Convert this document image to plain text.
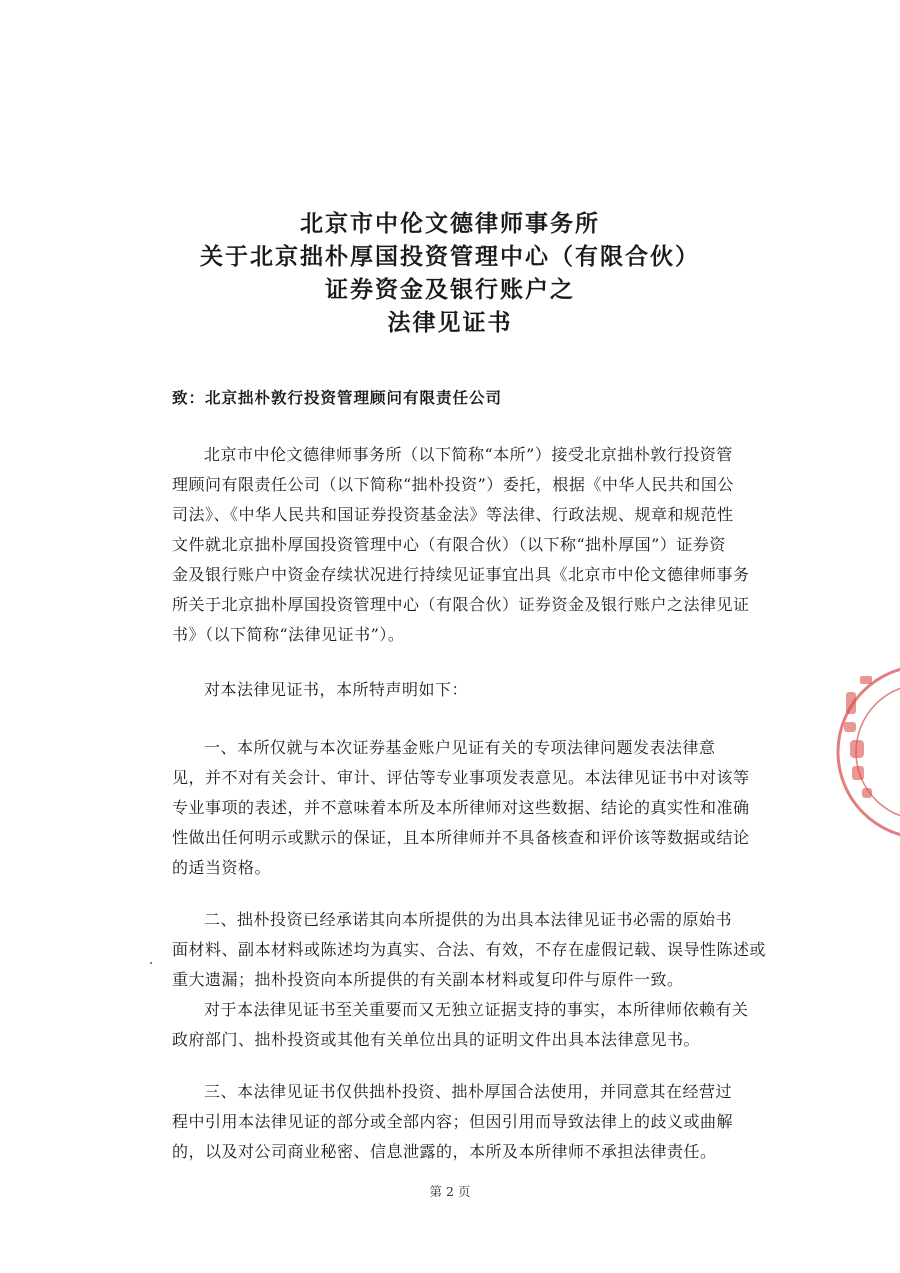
北京市中伦文德律师事务所
关于北京拙朴厚国投资管理中心（有限合伙）
证券资金及银行账户之
法律见证书
致：北京拙朴敦行投资管理顾问有限责任公司
北京市中伦文德律师事务所（以下简称“本所”）接受北京拙朴敦行投资管
理顾问有限责任公司（以下简称“拙朴投资”）委托，根据《中华人民共和国公
司法》、《中华人民共和国证券投资基金法》等法律、行政法规、规章和规范性
文件就北京拙朴厚国投资管理中心（有限合伙）（以下称“拙朴厚国”）证券资
金及银行账户中资金存续状况进行持续见证事宜出具《北京市中伦文德律师事务
所关于北京拙朴厚国投资管理中心（有限合伙）证券资金及银行账户之法律见证
书》（以下简称“法律见证书”）。
对本法律见证书，本所特声明如下：
一、本所仅就与本次证券基金账户见证有关的专项法律问题发表法律意
见，并不对有关会计、审计、评估等专业事项发表意见。本法律见证书中对该等
专业事项的表述，并不意味着本所及本所律师对这些数据、结论的真实性和准确
性做出任何明示或默示的保证，且本所律师并不具备核查和评价该等数据或结论
的适当资格。
二、拙朴投资已经承诺其向本所提供的为出具本法律见证书必需的原始书
面材料、副本材料或陈述均为真实、合法、有效，不存在虚假记载、误导性陈述或
重大遗漏；拙朴投资向本所提供的有关副本材料或复印件与原件一致。
对于本法律见证书至关重要而又无独立证据支持的事实，本所律师依赖有关
政府部门、拙朴投资或其他有关单位出具的证明文件出具本法律意见书。
三、本法律见证书仅供拙朴投资、拙朴厚国合法使用，并同意其在经营过
程中引用本法律见证的部分或全部内容；但因引用而导致法律上的歧义或曲解
的，以及对公司商业秘密、信息泄露的，本所及本所律师不承担法律责任。
第 2 页
